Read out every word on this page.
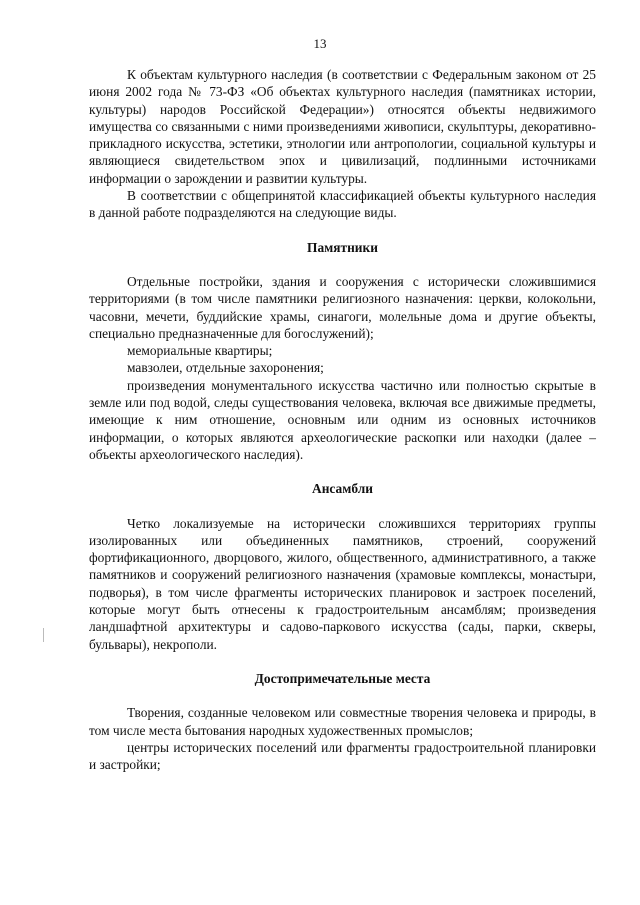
13

К объектам культурного наследия (в соответствии с Федеральным законом от 25 июня 2002 года № 73-ФЗ «Об объектах культурного наследия (памятниках истории, культуры) народов Российской Федерации») относятся объекты недвижимого имущества со связанными с ними произведениями живописи, скульптуры, декоративно-прикладного искусства, эстетики, этнологии или антропологии, социальной культуры и являющиеся свидетельством эпох и цивилизаций, подлинными источниками информации о зарождении и развитии культуры.

В соответствии с общепринятой классификацией объекты культурного наследия в данной работе подразделяются на следующие виды.

Памятники

Отдельные постройки, здания и сооружения с исторически сложившимися территориями (в том числе памятники религиозного назначения: церкви, колокольни, часовни, мечети, буддийские храмы, синагоги, молельные дома и другие объекты, специально предназначенные для богослужений);

мемориальные квартиры;

мавзолеи, отдельные захоронения;

произведения монументального искусства частично или полностью скрытые в земле или под водой, следы существования человека, включая все движимые предметы, имеющие к ним отношение, основным или одним из основных источников информации, о которых являются археологические раскопки или находки (далее – объекты археологического наследия).

Ансамбли

Четко локализуемые на исторически сложившихся территориях группы изолированных или объединенных памятников, строений, сооружений фортификационного, дворцового, жилого, общественного, административного, а также памятников и сооружений религиозного назначения (храмовые комплексы, монастыри, подворья), в том числе фрагменты исторических планировок и застроек поселений, которые могут быть отнесены к градостроительным ансамблям; произведения ландшафтной архитектуры и садово-паркового искусства (сады, парки, скверы, бульвары), некрополи.

Достопримечательные места

Творения, созданные человеком или совместные творения человека и природы, в том числе места бытования народных художественных промыслов;

центры исторических поселений или фрагменты градостроительной планировки и застройки;
